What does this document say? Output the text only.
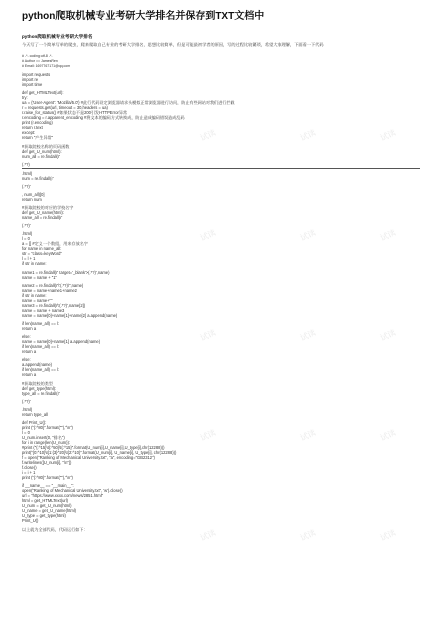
python爬取机械专业考研大学排名并保存到TXT文档中
python爬取机械专业考研大学排名
今天写了一个简单写单的爬虫，爬来爬取自己专业的考研大学排名，思想比较简单，但是可能最初学者的原因，写的过程比较繁琐，希望大家理解，下面看一下代码
# -*- coding:utf-8 -*-
# Author == JamesRen
# Email: 1697767171@qq.com
import requests
import re
import time
def get_HTMLText(url):
try:
ua = {'User-Agent': 'Mozilla/5.0'} #此行代码设定浏览器请求头模拟正常浏览器进行访问，防止有些网站对我们进行拦截
r = requests.get(url, timeout = 30,headers = ua)
r.raise_for_status() #如果状态不是200引发HTTPError异常
r.encoding = r.apparent_encoding #将文本的编码方式转换成，防止造成编码错误造成乱码
print (r.encoding)
return r.text
except:
return "产生异常"
#获取院校名称的页码函数
def get_U_num(html):
num_all = re.findall(r'
(.*?)
.html)
num = re.findall(r'
(.*?)'
, num_all)[0]
return num
#获取院校的对应的学校名字
def get_U_name(html):
name_all = re.findall(r'
(.*?)'
.html)
l = 0
a = [] #定义一个数组，用来存放名字
for name in name_all:
str = "class=keyWord"
l = l + 1
if str in name:
name1 = re.findall(r' target='_blank'>(.*?)',name)
name = name + "1"
name2 = re.findall(r'\'(.*?)\'',name)
name = name+name1+name2
if str in name:
name = name+""
name3 = re.findall(r\'(.*?)',name[2])
name = name + name3
name = name[0]+name[1]+name[2] a.append(name)
if len(name_all) == l:
return a
else:
name = name[0]+name[1] a.append(name)
if len(name_all) == l:
return a
else:
a.append(name)
if len(name_all) == l:
return a
#获取院校的类型
def get_type(html):
type_all = re.findall(r'
(.*?)'
.html)
return type_all
def Print_U():
print ("{:^80}".format(""),"\n")
l = 0
U_num.insert(0, "排名")
for i in range(len(U_num)):
#print ("{:^15}\t{:^50}\t{:^15}".format(U_num[i],U_name[i],U_type[i],chr(12288)))
print("{0:^10}\t{1:{3}^20}\t{2:^10}".format(U_num[i], U_name[i], U_type[i], chr(12288)))
f = open("Ranking of Mechanical University.txt", "a", encoding="GB2312")
f.writelines([U_num[i], "\n"])
f.close()
i = i + 1
print ("{:^80}".format(""),"\n")
if __name__ == "__main__":
open("Ranking of Mechanical University.txt", 'w').close()
url = "https://www.xxxx.com/news/2851.html"
html = get_HTMLText(url)
U_num = get_U_num(html)
U_name = get_U_name(html)
U_type = get_type(html)
Print_U()
以上就为全部代码，代码运行如下：
试读	试读	试读
试读	试读	试读
试读	试读	试读
试读	试读	试读
试读	试读	试读
